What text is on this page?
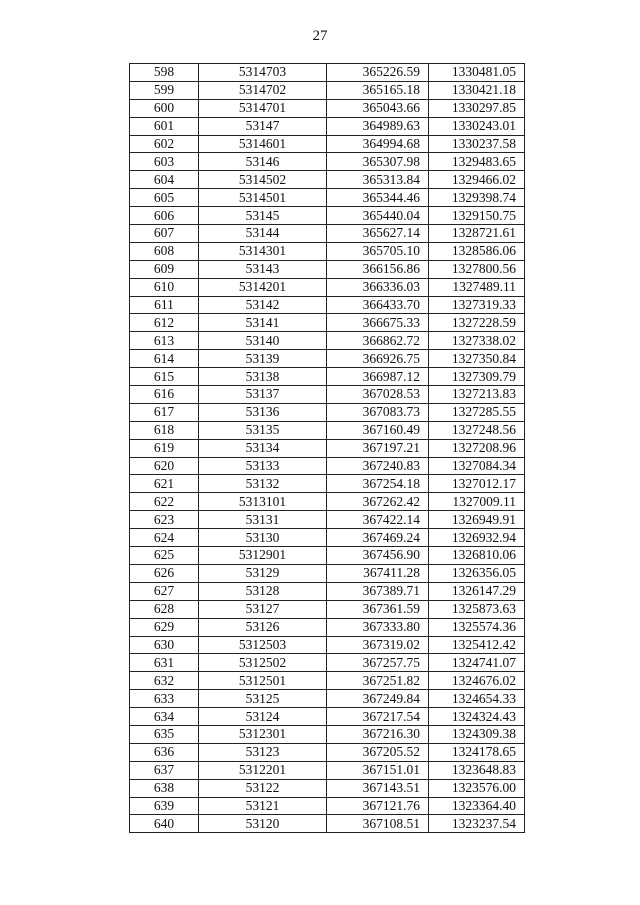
27
598	5314703	365226.59	1330481.05
599	5314702	365165.18	1330421.18
600	5314701	365043.66	1330297.85
601	53147	364989.63	1330243.01
602	5314601	364994.68	1330237.58
603	53146	365307.98	1329483.65
604	5314502	365313.84	1329466.02
605	5314501	365344.46	1329398.74
606	53145	365440.04	1329150.75
607	53144	365627.14	1328721.61
608	5314301	365705.10	1328586.06
609	53143	366156.86	1327800.56
610	5314201	366336.03	1327489.11
611	53142	366433.70	1327319.33
612	53141	366675.33	1327228.59
613	53140	366862.72	1327338.02
614	53139	366926.75	1327350.84
615	53138	366987.12	1327309.79
616	53137	367028.53	1327213.83
617	53136	367083.73	1327285.55
618	53135	367160.49	1327248.56
619	53134	367197.21	1327208.96
620	53133	367240.83	1327084.34
621	53132	367254.18	1327012.17
622	5313101	367262.42	1327009.11
623	53131	367422.14	1326949.91
624	53130	367469.24	1326932.94
625	5312901	367456.90	1326810.06
626	53129	367411.28	1326356.05
627	53128	367389.71	1326147.29
628	53127	367361.59	1325873.63
629	53126	367333.80	1325574.36
630	5312503	367319.02	1325412.42
631	5312502	367257.75	1324741.07
632	5312501	367251.82	1324676.02
633	53125	367249.84	1324654.33
634	53124	367217.54	1324324.43
635	5312301	367216.30	1324309.38
636	53123	367205.52	1324178.65
637	5312201	367151.01	1323648.83
638	53122	367143.51	1323576.00
639	53121	367121.76	1323364.40
640	53120	367108.51	1323237.54
